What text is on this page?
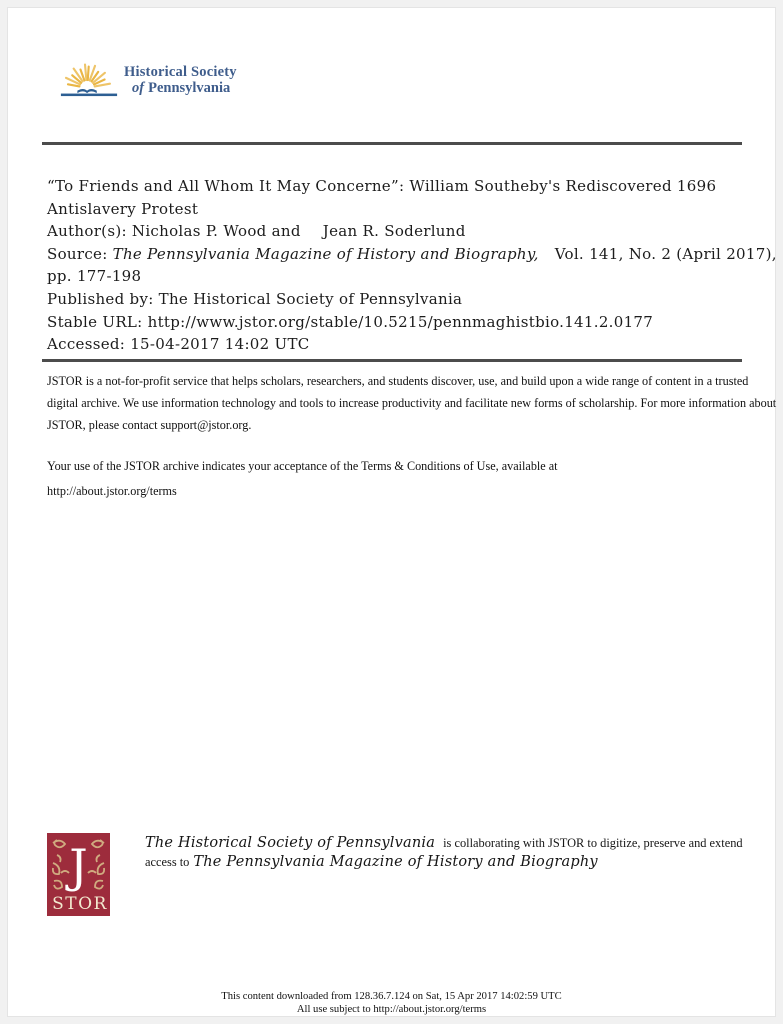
Historical Society
of Pennsylvania
“To Friends and All Whom It May Concerne”: William Southeby's Rediscovered 1696
Antislavery Protest
Author(s): Nicholas P. Wood and Jean R. Soderlund
Source: The Pennsylvania Magazine of History and Biography, Vol. 141, No. 2 (April 2017),
pp. 177-198
Published by: The Historical Society of Pennsylvania
Stable URL: http://www.jstor.org/stable/10.5215/pennmaghistbio.141.2.0177
Accessed: 15-04-2017 14:02 UTC
JSTOR is a not-for-profit service that helps scholars, researchers, and students discover, use, and build upon a wide range of content in a trusted
digital archive. We use information technology and tools to increase productivity and facilitate new forms of scholarship. For more information about
JSTOR, please contact support@jstor.org.
Your use of the JSTOR archive indicates your acceptance of the Terms & Conditions of Use, available at
http://about.jstor.org/terms
J
STOR
The Historical Society of Pennsylvania is collaborating with JSTOR to digitize, preserve and extend
access to The Pennsylvania Magazine of History and Biography
This content downloaded from 128.36.7.124 on Sat, 15 Apr 2017 14:02:59 UTC
All use subject to http://about.jstor.org/terms
